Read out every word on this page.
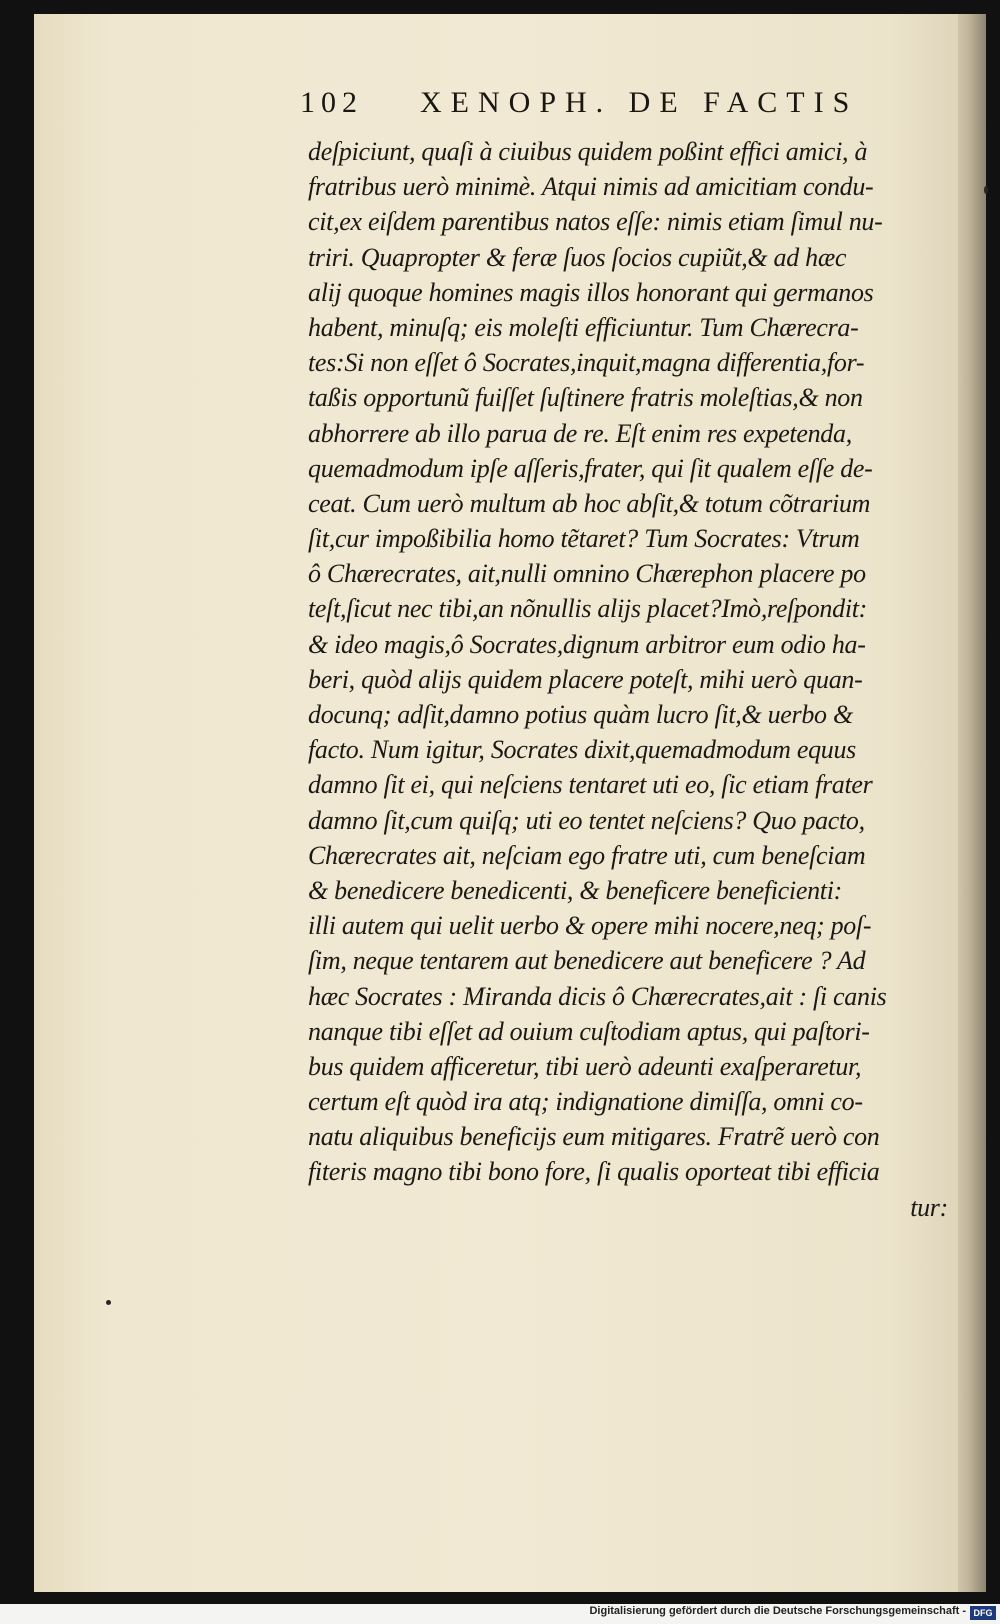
102 XENOPH. DE FACTIS
deſpiciunt, quaſi à ciuibus quidem poßint effici amici, à
fratribus uerò minimè. Atqui nimis ad amicitiam condu-
cit,ex eiſdem parentibus natos eſſe: nimis etiam ſimul nu-
triri. Quapropter & feræ ſuos ſocios cupiũt,& ad hæc
alij quoque homines magis illos honorant qui germanos
habent, minuſq; eis moleſti efficiuntur. Tum Chærecra-
tes:Si non eſſet ô Socrates,inquit,magna differentia,for-
taßis opportunũ fuiſſet ſuſtinere fratris moleſtias,& non
abhorrere ab illo parua de re. Eſt enim res expetenda,
quemadmodum ipſe aſſeris,frater, qui ſit qualem eſſe de-
ceat. Cum uerò multum ab hoc abſit,& totum cõtrarium
ſit,cur impoßibilia homo tẽtaret? Tum Socrates: Vtrum
ô Chærecrates, ait,nulli omnino Chærephon placere po
teſt,ſicut nec tibi,an nõnullis alijs placet?Imò,reſpondit:
& ideo magis,ô Socrates,dignum arbitror eum odio ha-
beri, quòd alijs quidem placere poteſt, mihi uerò quan-
docunq; adſit,damno potius quàm lucro ſit,& uerbo &
facto. Num igitur, Socrates dixit,quemadmodum equus
damno ſit ei, qui neſciens tentaret uti eo, ſic etiam frater
damno ſit,cum quiſq; uti eo tentet neſciens? Quo pacto,
Chærecrates ait, neſciam ego fratre uti, cum beneſciam
& benedicere benedicenti, & beneficere beneficienti:
illi autem qui uelit uerbo & opere mihi nocere,neq; poſ-
ſim, neque tentarem aut benedicere aut beneficere ? Ad
hæc Socrates : Miranda dicis ô Chærecrates,ait : ſi canis
nanque tibi eſſet ad ouium cuſtodiam aptus, qui paſtori-
bus quidem afficeretur, tibi uerò adeunti exaſperaretur,
certum eſt quòd ira atq; indignatione dimiſſa, omni co-
natu aliquibus beneficijs eum mitigares. Fratrẽ uerò con
fiteris magno tibi bono fore, ſi qualis oporteat tibi efficia
tur:
Digitalisierung gefördert durch die Deutsche Forschungsgemeinschaft - DFG
